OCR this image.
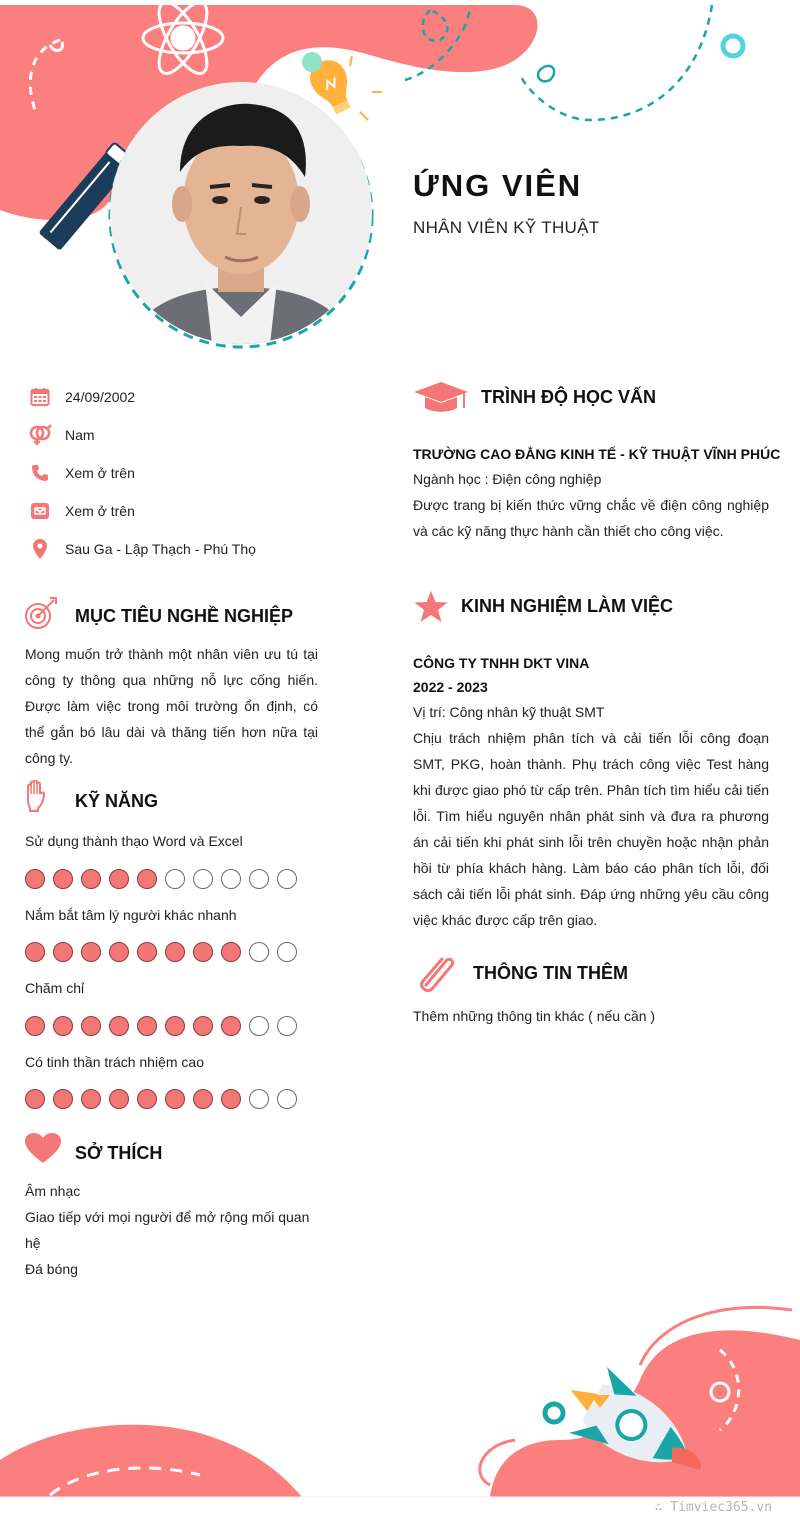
ỨNG VIÊN
NHÂN VIÊN KỸ THUẬT
24/09/2002
Nam
Xem ở trên
Xem ở trên
Sau Ga - Lập Thạch - Phú Thọ
MỤC TIÊU NGHỀ NGHIỆP
Mong muốn trở thành một nhân viên ưu tú tại công ty thông qua những nỗ lực cống hiến. Được làm việc trong môi trường ổn định, có thể gắn bó lâu dài và thăng tiến hơn nữa tại công ty.
KỸ NĂNG
Sử dụng thành thạo Word và Excel
Nắm bắt tâm lý người khác nhanh
Chăm chỉ
Có tinh thần trách nhiệm cao
SỞ THÍCH
Âm nhạc
Giao tiếp với mọi người để mở rộng mối quan hệ
Đá bóng
TRÌNH ĐỘ HỌC VẤN
TRƯỜNG CAO ĐẲNG KINH TẾ - KỸ THUẬT VĨNH PHÚC
Ngành học : Điện công nghiệp
Được trang bị kiến thức vững chắc về điện công nghiệp và các kỹ năng thực hành cần thiết cho công việc.
KINH NGHIỆM LÀM VIỆC
CÔNG TY TNHH DKT VINA
2022 - 2023
Vị trí: Công nhân kỹ thuật SMT
Chịu trách nhiệm phân tích và cải tiến lỗi công đoạn SMT, PKG, hoàn thành. Phụ trách công việc Test hàng khi được giao phó từ cấp trên. Phân tích tìm hiểu cải tiến lỗi. Tìm hiểu nguyên nhân phát sinh và đưa ra phương án cải tiến khi phát sinh lỗi trên chuyền hoặc nhận phản hồi từ phía khách hàng. Làm báo cáo phân tích lỗi, đối sách cải tiến lỗi phát sinh. Đáp ứng những yêu cầu công việc khác được cấp trên giao.
THÔNG TIN THÊM
Thêm những thông tin khác ( nếu cần )
∴ Timviec365.vn
